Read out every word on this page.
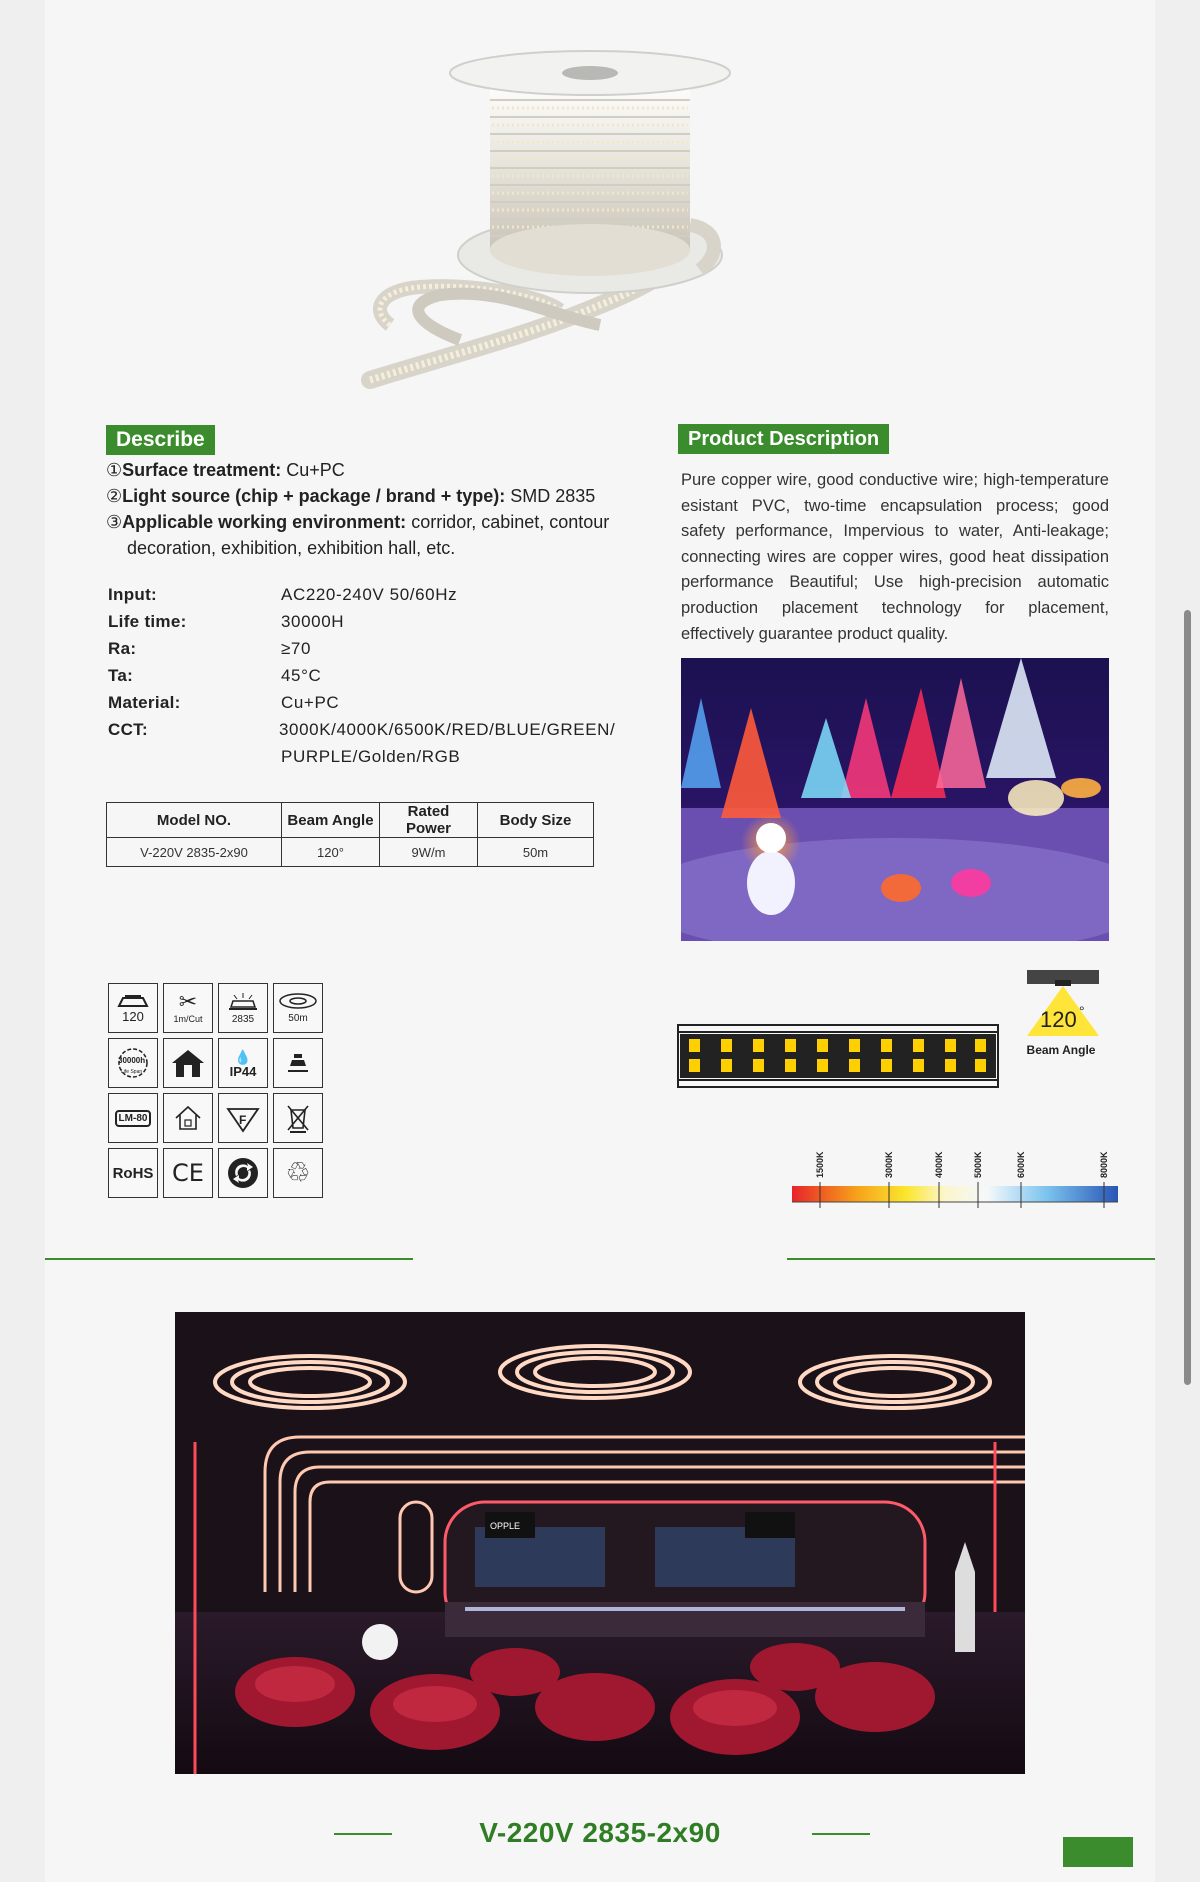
Describe
①Surface treatment: Cu+PC
②Light source (chip + package / brand + type): SMD 2835
③Applicable working environment: corridor, cabinet, contour
decoration, exhibition, exhibition hall, etc.
Input:	AC220-240V 50/60Hz
Life time:	30000H
Ra:	≥70
Ta:	45°C
Material:	Cu+PC
CCT:	3000K/4000K/6500K/RED/BLUE/GREEN/
PURPLE/Golden/RGB
Model NO.	Beam Angle	Rated Power	Body Size
V-220V 2835-2x90	120°	9W/m	50m
120
✂
1m/Cut	2835	50m
30000h
Life Span
💧
IP44
LM-80	F
RoHS CE	♲
Product Description
Pure copper wire, good conductive wire; high-temperature esistant PVC, two-time encapsulation process; good safety performance, Impervious to water, Anti-leakage; connecting wires are copper wires, good heat dissipation performance Beautiful; Use high-precision automatic production placement technology for placement, effectively guarantee product quality.
120 °
Beam Angle
1500K	3000K	4000K	5000K	6000K	8000K
OPPLE
V-220V 2835-2x90
